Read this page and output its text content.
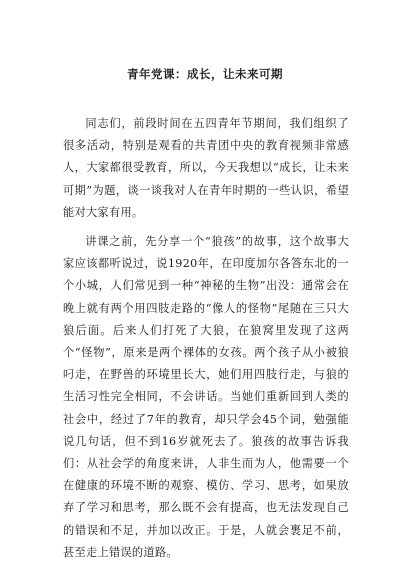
青年党课：成长，让未来可期

同志们，前段时间在五四青年节期间，我们组织了很多活动，特别是观看的共青团中央的教育视频非常感人，大家都很受教育，所以，今天我想以“成长，让未来可期”为题，谈一谈我对人在青年时期的一些认识，希望能对大家有用。

讲课之前，先分享一个“狼孩”的故事，这个故事大家应该都听说过，说1920年，在印度加尔各答东北的一个小城，人们常见到一种“神秘的生物”出没：通常会在晚上就有两个用四肢走路的“像人的怪物”尾随在三只大狼后面。后来人们打死了大狼，在狼窝里发现了这两个“怪物”，原来是两个裸体的女孩。两个孩子从小被狼叼走，在野兽的环境里长大，她们用四肢行走，与狼的生活习性完全相同，不会讲话。当她们重新回到人类的社会中，经过了7年的教育，却只学会45个词，勉强能说几句话，但不到16岁就死去了。狼孩的故事告诉我们：从社会学的角度来讲，人非生而为人，他需要一个在健康的环境不断的观察、模仿、学习、思考，如果放弃了学习和思考，那么既不会有提高，也无法发现自己的错误和不足，并加以改正。于是，人就会裹足不前，甚至走上错误的道路。
